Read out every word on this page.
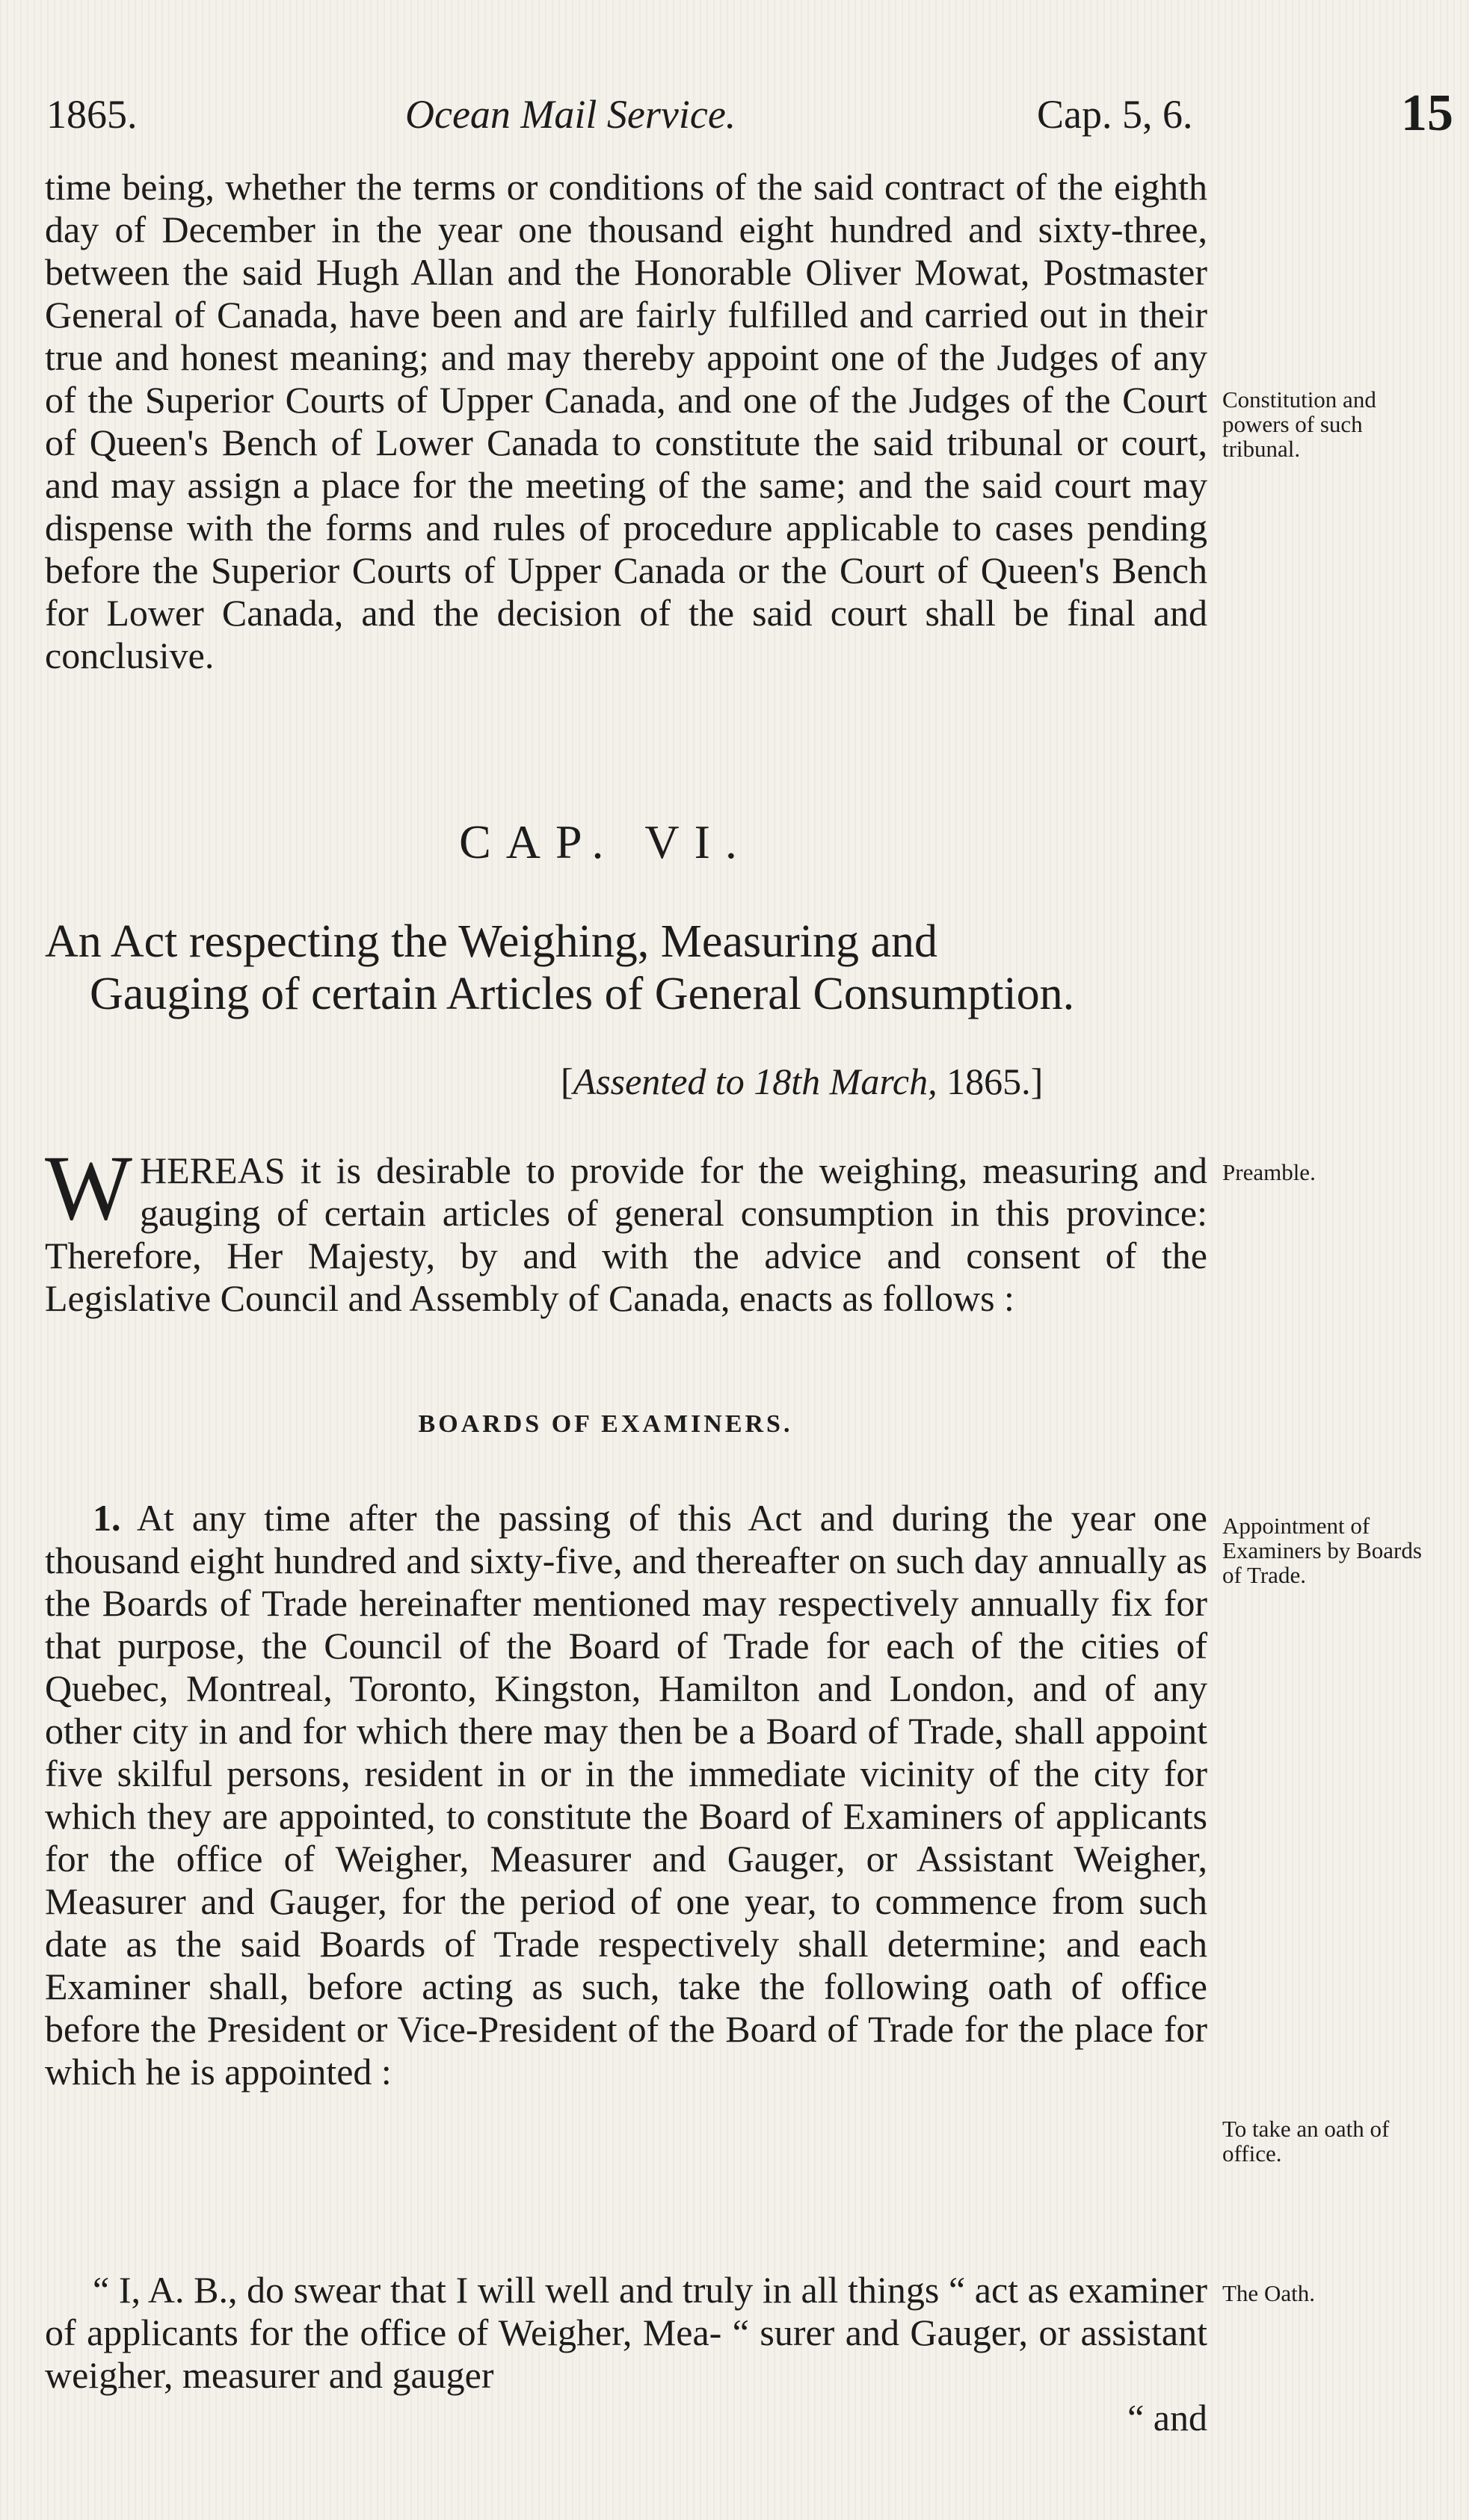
1865.	Ocean Mail Service.	Cap. 5, 6.	15

time being, whether the terms or conditions of the said contract of the eighth day of December in the year one thousand eight hundred and sixty-three, between the said Hugh Allan and the Honorable Oliver Mowat, Postmaster General of Canada, have been and are fairly fulfilled and carried out in their true and honest meaning; and may thereby appoint one of the Judges of any of the Superior Courts of Upper Canada, and one of the Judges of the Court of Queen's Bench of Lower Canada to constitute the said tribunal or court, and may assign a place for the meeting of the same; and the said court may dispense with the forms and rules of procedure applicable to cases pending before the Superior Courts of Upper Canada or the Court of Queen's Bench for Lower Canada, and the decision of the said court shall be final and conclusive.

Constitution and powers of such tribunal.
CAP. VI.
An Act respecting the Weighing, Measuring and
Gauging of certain Articles of General Consumption.
[Assented to 18th March, 1865.]

WHEREAS it is desirable to provide for the weighing, measuring and gauging of certain articles of general consumption in this province: Therefore, Her Majesty, by and with the advice and consent of the Legislative Council and Assembly of Canada, enacts as follows :

Preamble.
BOARDS OF EXAMINERS.

1. At any time after the passing of this Act and during the year one thousand eight hundred and sixty-five, and thereafter on such day annually as the Boards of Trade hereinafter mentioned may respectively annually fix for that purpose, the Council of the Board of Trade for each of the cities of Quebec, Montreal, Toronto, Kingston, Hamilton and London, and of any other city in and for which there may then be a Board of Trade, shall appoint five skilful persons, resident in or in the immediate vicinity of the city for which they are appointed, to constitute the Board of Examiners of applicants for the office of Weigher, Measurer and Gauger, or Assistant Weigher, Measurer and Gauger, for the period of one year, to commence from such date as the said Boards of Trade respectively shall determine; and each Examiner shall, before acting as such, take the following oath of office before the President or Vice-President of the Board of Trade for the place for which he is appointed :

Appointment of Examiners by Boards of Trade.
To take an oath of office.

“ I, A. B., do swear that I will well and truly in all things “ act as examiner of applicants for the office of Weigher, Mea- “ surer and Gauger, or assistant weigher, measurer and gauger

“ and

The Oath.
